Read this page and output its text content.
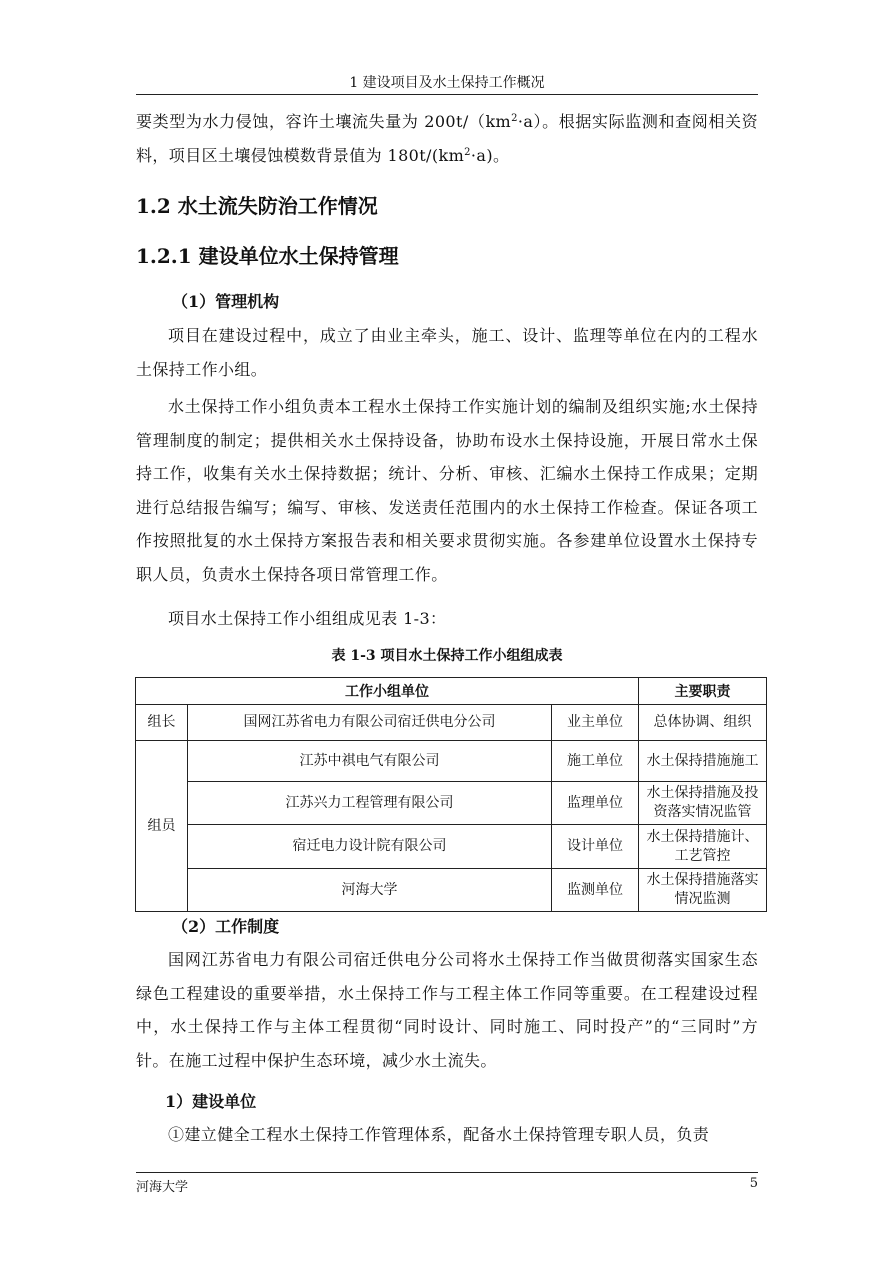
1 建设项目及水土保持工作概况
要类型为水力侵蚀，容许土壤流失量为 $200t/(km^2\cdot a)$。根据实际监测和查阅相关资料，项目区土壤侵蚀模数背景值为 $180t/(km^2\cdot a)$。
1.2 水土流失防治工作情况
1.2.1 建设单位水土保持管理
（1）管理机构
项目在建设过程中，成立了由业主牵头，施工、设计、监理等单位在内的工程水土保持工作小组。
水土保持工作小组负责本工程水土保持工作实施计划的编制及组织实施;水土保持管理制度的制定；提供相关水土保持设备，协助布设水土保持设施，开展日常水土保持工作，收集有关水土保持数据；统计、分析、审核、汇编水土保持工作成果；定期进行总结报告编写；编写、审核、发送责任范围内的水土保持工作检查。保证各项工作按照批复的水土保持方案报告表和相关要求贯彻实施。各参建单位设置水土保持专职人员，负责水土保持各项日常管理工作。
项目水土保持工作小组组成见表 1-3：
表 1-3 项目水土保持工作小组组成表
工作小组单位			主要职责
组长	国网江苏省电力有限公司宿迁供电分公司	业主单位	总体协调、组织
组员	江苏中祺电气有限公司	施工单位	水土保持措施施工
	江苏兴力工程管理有限公司	监理单位	水土保持措施及投资落实情况监管
	宿迁电力设计院有限公司	设计单位	水土保持措施计、工艺管控
	河海大学	监测单位	水土保持措施落实情况监测
（2）工作制度
国网江苏省电力有限公司宿迁供电分公司将水土保持工作当做贯彻落实国家生态绿色工程建设的重要举措，水土保持工作与工程主体工作同等重要。在工程建设过程中，水土保持工作与主体工程贯彻“同时设计、同时施工、同时投产”的“三同时”方针。在施工过程中保护生态环境，减少水土流失。
1）建设单位
①建立健全工程水土保持工作管理体系，配备水土保持管理专职人员，负责
河海大学	5
